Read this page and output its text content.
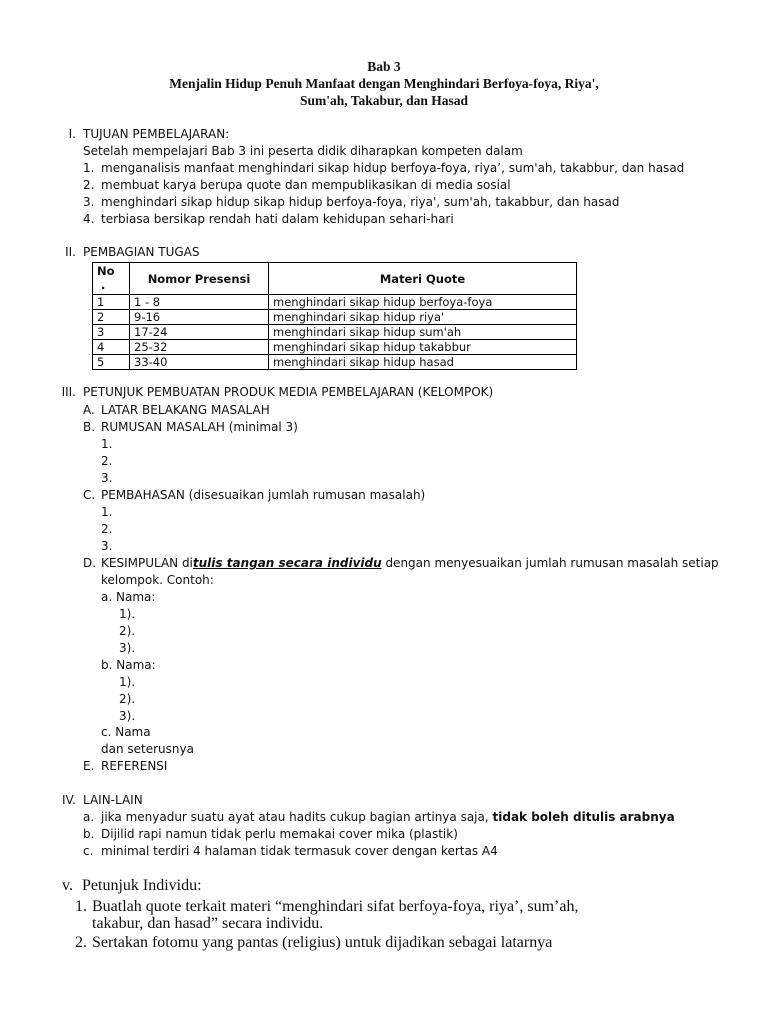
Bab 3
Menjalin Hidup Penuh Manfaat dengan Menghindari Berfoya-foya, Riya',
Sum'ah, Takabur, dan Hasad
I. TUJUAN PEMBELAJARAN:
Setelah mempelajari Bab 3 ini peserta didik diharapkan kompeten dalam
1. menganalisis manfaat menghindari sikap hidup berfoya-foya, riya’, sum'ah, takabbur, dan hasad
2. membuat karya berupa quote dan mempublikasikan di media sosial
3. menghindari sikap hidup sikap hidup berfoya-foya, riya', sum'ah, takabbur, dan hasad
4. terbiasa bersikap rendah hati dalam kehidupan sehari-hari
II. PEMBAGIAN TUGAS
No
.	Nomor Presensi	Materi Quote
1	1 - 8	menghindari sikap hidup berfoya-foya
2	9-16	menghindari sikap hidup riya'
3	17-24	menghindari sikap hidup sum'ah
4	25-32	menghindari sikap hidup takabbur
5	33-40	menghindari sikap hidup hasad
III. PETUNJUK PEMBUATAN PRODUK MEDIA PEMBELAJARAN (KELOMPOK)
A. LATAR BELAKANG MASALAH
B. RUMUSAN MASALAH (minimal 3)
1.
2.
3.
C. PEMBAHASAN (disesuaikan jumlah rumusan masalah)
1.
2.
3.
D. KESIMPULAN ditulis tangan secara individu dengan menyesuaikan jumlah rumusan masalah setiap
kelompok. Contoh:
a. Nama:
1).
2).
3).
b. Nama:
1).
2).
3).
c. Nama
dan seterusnya
E. REFERENSI
IV. LAIN-LAIN
a. jika menyadur suatu ayat atau hadits cukup bagian artinya saja, tidak boleh ditulis arabnya
b. Dijilid rapi namun tidak perlu memakai cover mika (plastik)
c. minimal terdiri 4 halaman tidak termasuk cover dengan kertas A4
v. Petunjuk Individu:
1. Buatlah quote terkait materi “menghindari sifat berfoya-foya, riya’, sum’ah,
takabur, dan hasad” secara individu.
2. Sertakan fotomu yang pantas (religius) untuk dijadikan sebagai latarnya
